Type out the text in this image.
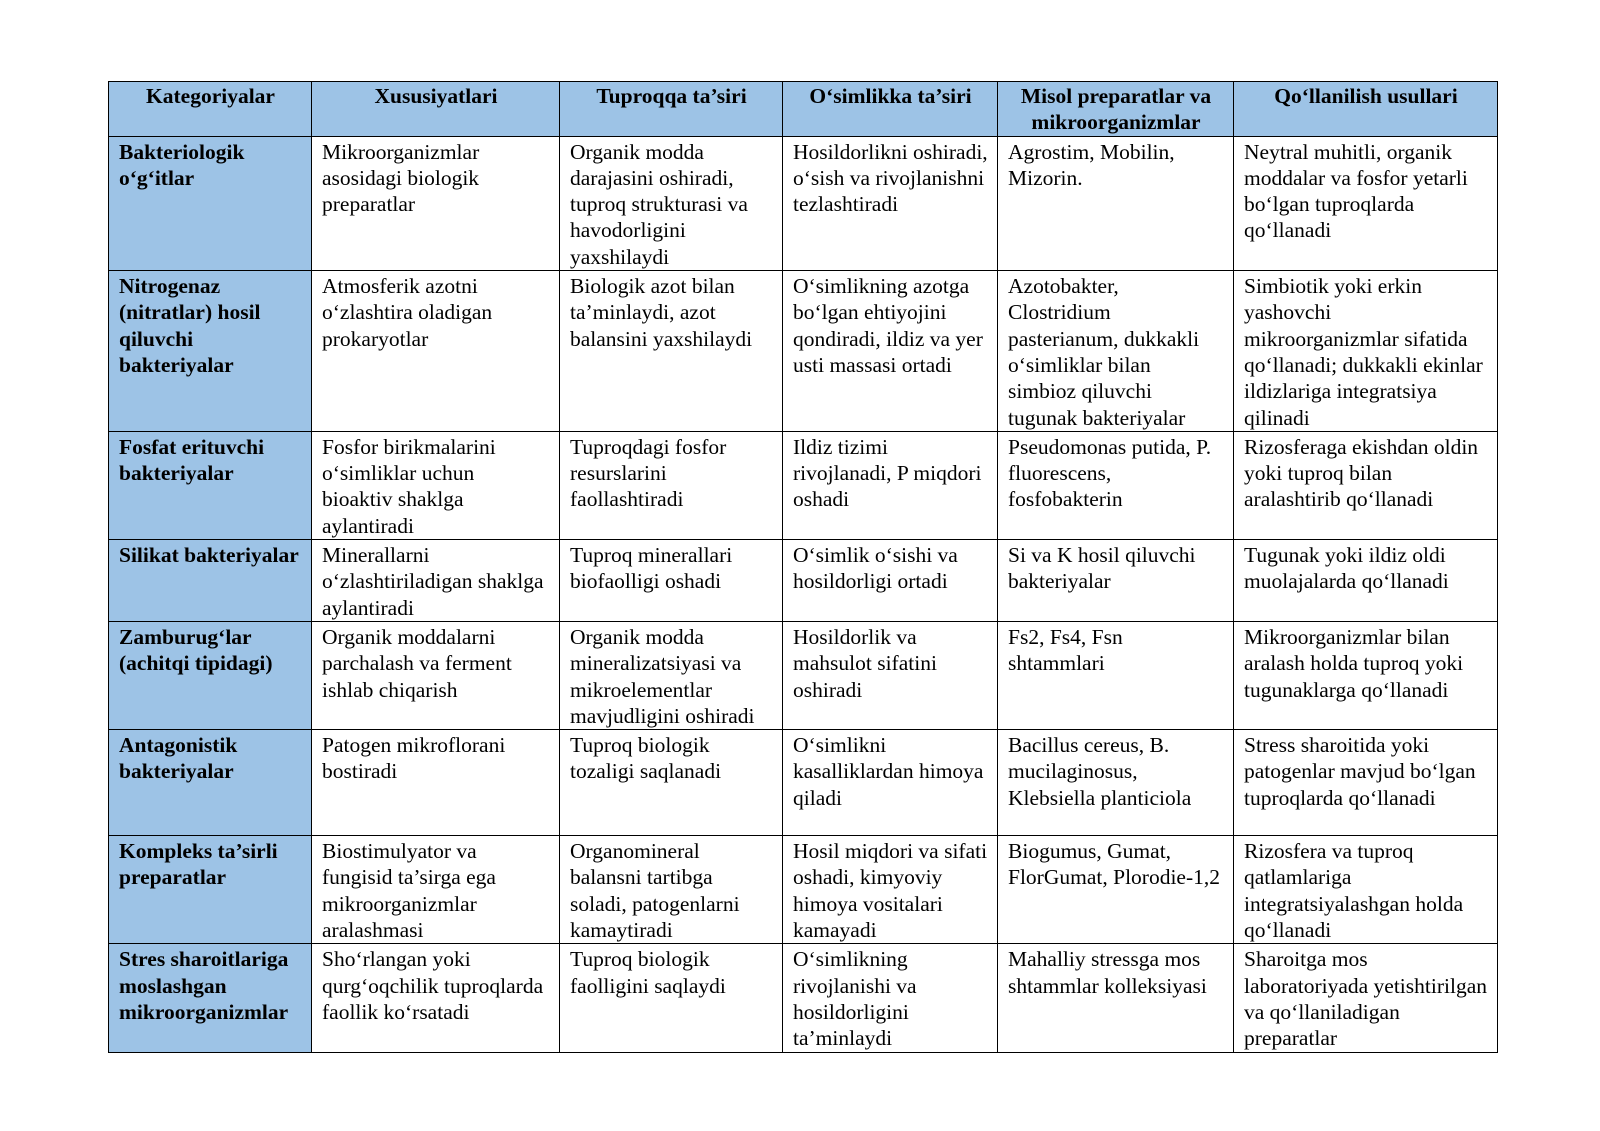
Kategoriyalar	Xususiyatlari	Tuproqqa ta’siri	O‘simlikka ta’siri	Misol preparatlar va mikroorganizmlar	Qo‘llanilish usullari
Bakteriologik o‘g‘itlar	Mikroorganizmlar asosidagi biologik preparatlar	Organik modda darajasini oshiradi, tuproq strukturasi va havodorligini yaxshilaydi	Hosildorlikni oshiradi, o‘sish va rivojlanishni tezlashtiradi	Agrostim, Mobilin, Mizorin.	Neytral muhitli, organik moddalar va fosfor yetarli bo‘lgan tuproqlarda qo‘llanadi
Nitrogenaz (nitratlar) hosil qiluvchi bakteriyalar	Atmosferik azotni o‘zlashtira oladigan prokaryotlar	Biologik azot bilan ta’minlaydi, azot balansini yaxshilaydi	O‘simlikning azotga bo‘lgan ehtiyojini qondiradi, ildiz va yer usti massasi ortadi	Azotobakter, Clostridium pasterianum, dukkakli o‘simliklar bilan simbioz qiluvchi tugunak bakteriyalar	Simbiotik yoki erkin yashovchi mikroorganizmlar sifatida qo‘llanadi; dukkakli ekinlar ildizlariga integratsiya qilinadi
Fosfat erituvchi bakteriyalar	Fosfor birikmalarini o‘simliklar uchun bioaktiv shaklga aylantiradi	Tuproqdagi fosfor resurslarini faollashtiradi	Ildiz tizimi rivojlanadi, P miqdori oshadi	Pseudomonas putida, P. fluorescens, fosfobakterin	Rizosferaga ekishdan oldin yoki tuproq bilan aralashtirib qo‘llanadi
Silikat bakteriyalar	Minerallarni o‘zlashtiriladigan shaklga aylantiradi	Tuproq minerallari biofaolligi oshadi	O‘simlik o‘sishi va hosildorligi ortadi	Si va K hosil qiluvchi bakteriyalar	Tugunak yoki ildiz oldi muolajalarda qo‘llanadi
Zamburug‘lar (achitqi tipidagi)	Organik moddalarni parchalash va ferment ishlab chiqarish	Organik modda mineralizatsiyasi va mikroelementlar mavjudligini oshiradi	Hosildorlik va mahsulot sifatini oshiradi	Fs2, Fs4, Fsn shtammlari	Mikroorganizmlar bilan aralash holda tuproq yoki tugunaklarga qo‘llanadi
Antagonistik bakteriyalar	Patogen mikroflorani bostiradi	Tuproq biologik tozaligi saqlanadi	O‘simlikni kasalliklardan himoya qiladi	Bacillus cereus, B. mucilaginosus, Klebsiella planticiola	Stress sharoitida yoki patogenlar mavjud bo‘lgan tuproqlarda qo‘llanadi
Kompleks ta’sirli preparatlar	Biostimulyator va fungisid ta’sirga ega mikroorganizmlar aralashmasi	Organomineral balansni tartibga soladi, patogenlarni kamaytiradi	Hosil miqdori va sifati oshadi, kimyoviy himoya vositalari kamayadi	Biogumus, Gumat, FlorGumat, Plorodie-1,2	Rizosfera va tuproq qatlamlariga integratsiyalashgan holda qo‘llanadi
Stres sharoitlariga moslashgan mikroorganizmlar	Sho‘rlangan yoki qurg‘oqchilik tuproqlarda faollik ko‘rsatadi	Tuproq biologik faolligini saqlaydi	O‘simlikning rivojlanishi va hosildorligini ta’minlaydi	Mahalliy stressga mos shtammlar kolleksiyasi	Sharoitga mos laboratoriyada yetishtirilgan va qo‘llaniladigan preparatlar
